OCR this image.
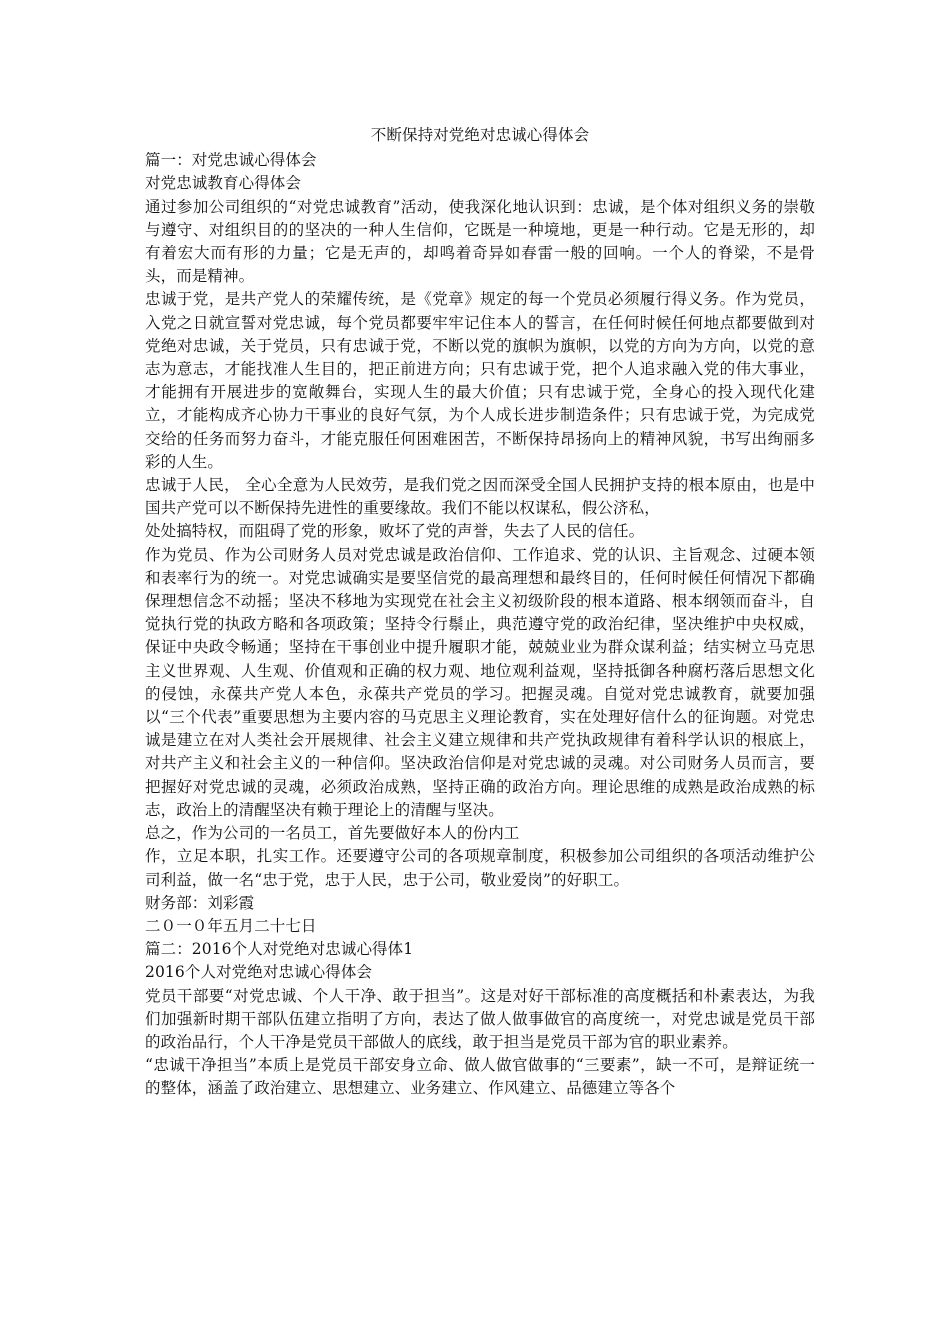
不断保持对党绝对忠诚心得体会

篇一：对党忠诚心得体会

对党忠诚教育心得体会

通过参加公司组织的“对党忠诚教育”活动，使我深化地认识到：忠诚，是个体对组织义务的崇敬与遵守、对组织目的的坚决的一种人生信仰，它既是一种境地，更是一种行动。它是无形的，却有着宏大而有形的力量；它是无声的，却鸣着奇异如春雷一般的回响。一个人的脊梁，不是骨头，而是精神。

忠诚于党，是共产党人的荣耀传统，是《党章》规定的每一个党员必须履行得义务。作为党员，入党之日就宣誓对党忠诚，每个党员都要牢牢记住本人的誓言，在任何时候任何地点都要做到对党绝对忠诚，关于党员，只有忠诚于党，不断以党的旗帜为旗帜，以党的方向为方向，以党的意志为意志，才能找准人生目的，把正前进方向；只有忠诚于党，把个人追求融入党的伟大事业，才能拥有开展进步的宽敞舞台，实现人生的最大价值；只有忠诚于党，全身心的投入现代化建立，才能构成齐心协力干事业的良好气氛，为个人成长进步制造条件；只有忠诚于党，为完成党交给的任务而努力奋斗，才能克服任何困难困苦，不断保持昂扬向上的精神风貌，书写出绚丽多彩的人生。

忠诚于人民， 全心全意为人民效劳，是我们党之因而深受全国人民拥护支持的根本原由，也是中国共产党可以不断保持先进性的重要缘故。我们不能以权谋私，假公济私，

处处搞特权，而阻碍了党的形象，败坏了党的声誉，失去了人民的信任。

作为党员、作为公司财务人员对党忠诚是政治信仰、工作追求、党的认识、主旨观念、过硬本领和表率行为的统一。对党忠诚确实是要坚信党的最高理想和最终目的，任何时候任何情况下都确保理想信念不动摇；坚决不移地为实现党在社会主义初级阶段的根本道路、根本纲领而奋斗，自觉执行党的执政方略和各项政策；坚持令行鬃止，典范遵守党的政治纪律，坚决维护中央权威，保证中央政令畅通；坚持在干事创业中提升履职才能，兢兢业业为群众谋利益；结实树立马克思主义世界观、人生观、价值观和正确的权力观、地位观利益观，坚持抵御各种腐朽落后思想文化的侵蚀，永葆共产党人本色，永葆共产党员的学习。把握灵魂。自觉对党忠诚教育，就要加强以“三个代表”重要思想为主要内容的马克思主义理论教育，实在处理好信什么的征询题。对党忠诚是建立在对人类社会开展规律、社会主义建立规律和共产党执政规律有着科学认识的根底上，对共产主义和社会主义的一种信仰。坚决政治信仰是对党忠诚的灵魂。对公司财务人员而言，要把握好对党忠诚的灵魂，必须政治成熟，坚持正确的政治方向。理论思维的成熟是政治成熟的标志，政治上的清醒坚决有赖于理论上的清醒与坚决。

总之，作为公司的一名员工，首先要做好本人的份内工

作，立足本职，扎实工作。还要遵守公司的各项规章制度，积极参加公司组织的各项活动维护公司利益，做一名“忠于党，忠于人民，忠于公司，敬业爱岗”的好职工。

财务部：刘彩霞

二０一０年五月二十七日

篇二：2016个人对党绝对忠诚心得体1

2016个人对党绝对忠诚心得体会

党员干部要“对党忠诚、个人干净、敢于担当”。这是对好干部标准的高度概括和朴素表达，为我们加强新时期干部队伍建立指明了方向，表达了做人做事做官的高度统一，对党忠诚是党员干部的政治品行，个人干净是党员干部做人的底线，敢于担当是党员干部为官的职业素养。

“忠诚干净担当”本质上是党员干部安身立命、做人做官做事的“三要素”，缺一不可，是辩证统一的整体，涵盖了政治建立、思想建立、业务建立、作风建立、品德建立等各个
